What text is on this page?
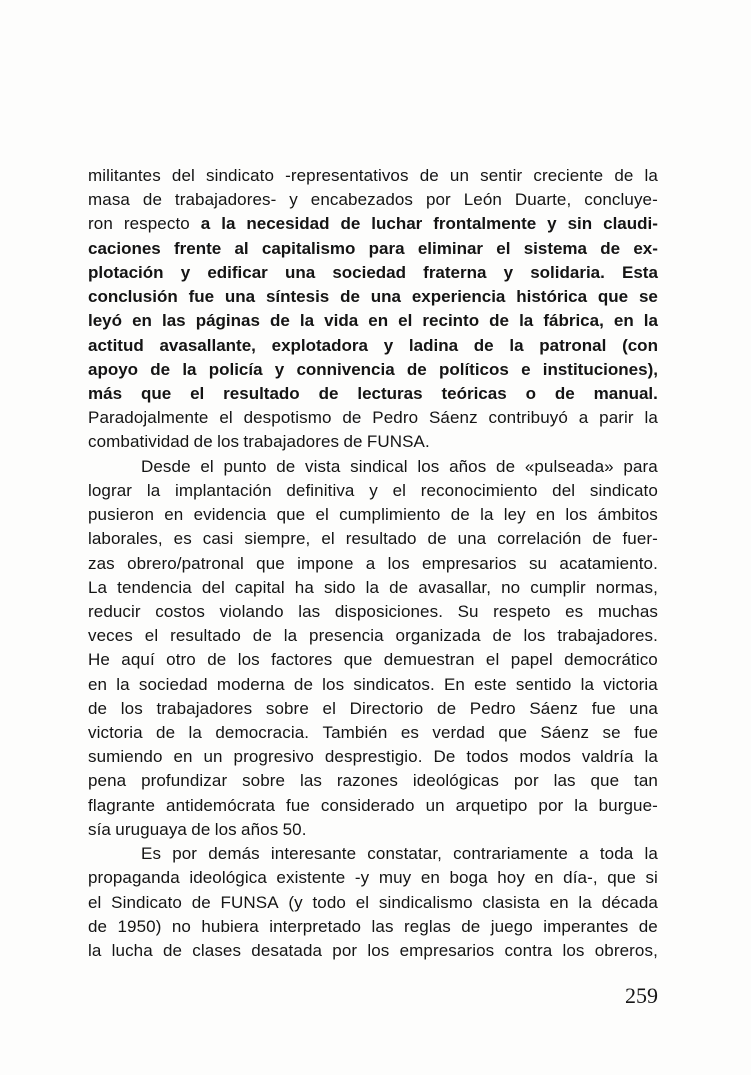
militantes del sindicato -representativos de un sentir creciente de la
masa de trabajadores- y encabezados por León Duarte, concluye-
ron respecto a la necesidad de luchar frontalmente y sin claudi-
caciones frente al capitalismo para eliminar el sistema de ex-
plotación y edificar una sociedad fraterna y solidaria. Esta
conclusión fue una síntesis de una experiencia histórica que se
leyó en las páginas de la vida en el recinto de la fábrica, en la
actitud avasallante, explotadora y ladina de la patronal (con
apoyo de la policía y connivencia de políticos e instituciones),
más que el resultado de lecturas teóricas o de manual.
Paradojalmente el despotismo de Pedro Sáenz contribuyó a parir la
combatividad de los trabajadores de FUNSA.
Desde el punto de vista sindical los años de «pulseada» para
lograr la implantación definitiva y el reconocimiento del sindicato
pusieron en evidencia que el cumplimiento de la ley en los ámbitos
laborales, es casi siempre, el resultado de una correlación de fuer-
zas obrero/patronal que impone a los empresarios su acatamiento.
La tendencia del capital ha sido la de avasallar, no cumplir normas,
reducir costos violando las disposiciones. Su respeto es muchas
veces el resultado de la presencia organizada de los trabajadores.
He aquí otro de los factores que demuestran el papel democrático
en la sociedad moderna de los sindicatos. En este sentido la victoria
de los trabajadores sobre el Directorio de Pedro Sáenz fue una
victoria de la democracia. También es verdad que Sáenz se fue
sumiendo en un progresivo desprestigio. De todos modos valdría la
pena profundizar sobre las razones ideológicas por las que tan
flagrante antidemócrata fue considerado un arquetipo por la burgue-
sía uruguaya de los años 50.
Es por demás interesante constatar, contrariamente a toda la
propaganda ideológica existente -y muy en boga hoy en día-, que si
el Sindicato de FUNSA (y todo el sindicalismo clasista en la década
de 1950) no hubiera interpretado las reglas de juego imperantes de
la lucha de clases desatada por los empresarios contra los obreros,
259
